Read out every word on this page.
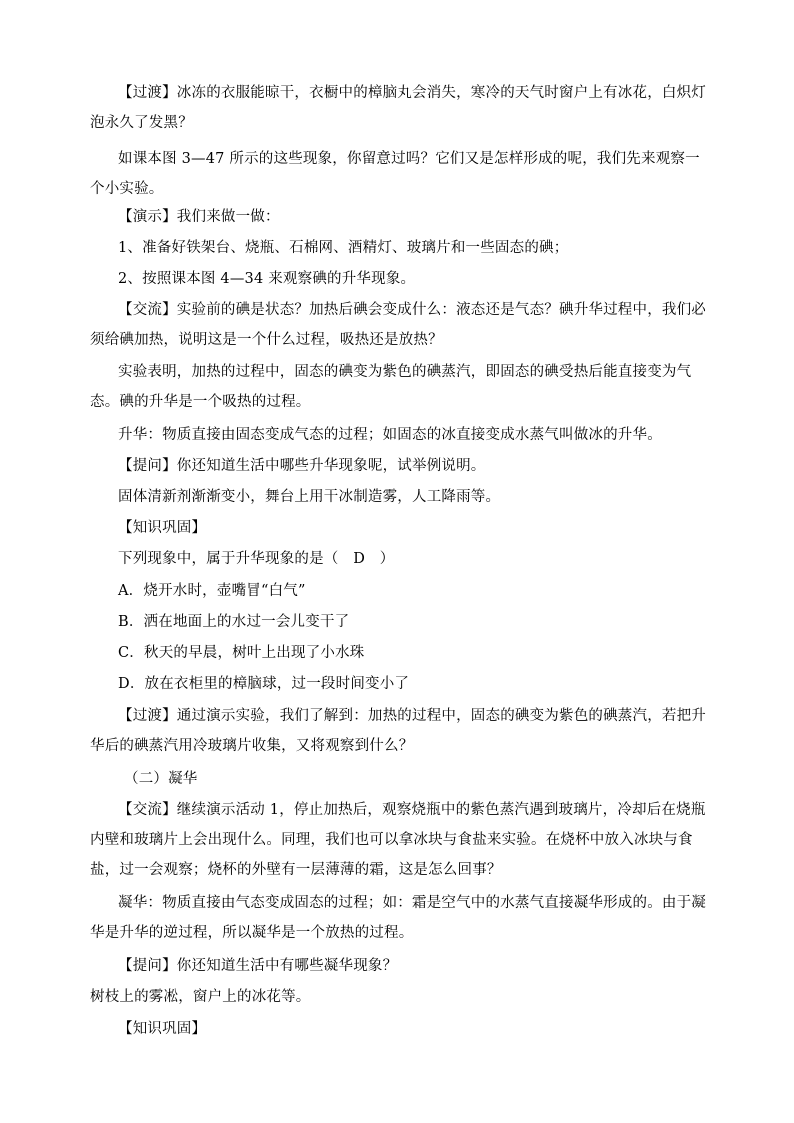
【过渡】冰冻的衣服能晾干，衣橱中的樟脑丸会消失，寒冷的天气时窗户上有冰花，白炽灯泡永久了发黑？
如课本图 3—47 所示的这些现象，你留意过吗？它们又是怎样形成的呢，我们先来观察一个小实验。
【演示】我们来做一做：
1、准备好铁架台、烧瓶、石棉网、酒精灯、玻璃片和一些固态的碘；
2、按照课本图 4—34 来观察碘的升华现象。
【交流】实验前的碘是状态？加热后碘会变成什么：液态还是气态？碘升华过程中，我们必须给碘加热，说明这是一个什么过程，吸热还是放热？
实验表明，加热的过程中，固态的碘变为紫色的碘蒸汽，即固态的碘受热后能直接变为气态。碘的升华是一个吸热的过程。
升华：物质直接由固态变成气态的过程；如固态的冰直接变成水蒸气叫做冰的升华。
【提问】你还知道生活中哪些升华现象呢，试举例说明。
固体清新剂渐渐变小，舞台上用干冰制造雾，人工降雨等。
【知识巩固】
下列现象中，属于升华现象的是（　D　）
A．烧开水时，壶嘴冒“白气”
B．洒在地面上的水过一会儿变干了
C．秋天的早晨，树叶上出现了小水珠
D．放在衣柜里的樟脑球，过一段时间变小了
【过渡】通过演示实验，我们了解到：加热的过程中，固态的碘变为紫色的碘蒸汽，若把升华后的碘蒸汽用冷玻璃片收集，又将观察到什么？
（二）凝华
【交流】继续演示活动 1，停止加热后，观察烧瓶中的紫色蒸汽遇到玻璃片，冷却后在烧瓶内壁和玻璃片上会出现什么。同理，我们也可以拿冰块与食盐来实验。在烧杯中放入冰块与食盐，过一会观察；烧杯的外壁有一层薄薄的霜，这是怎么回事？
凝华：物质直接由气态变成固态的过程；如：霜是空气中的水蒸气直接凝华形成的。由于凝华是升华的逆过程，所以凝华是一个放热的过程。
【提问】你还知道生活中有哪些凝华现象？
树枝上的雾凇，窗户上的冰花等。
【知识巩固】
